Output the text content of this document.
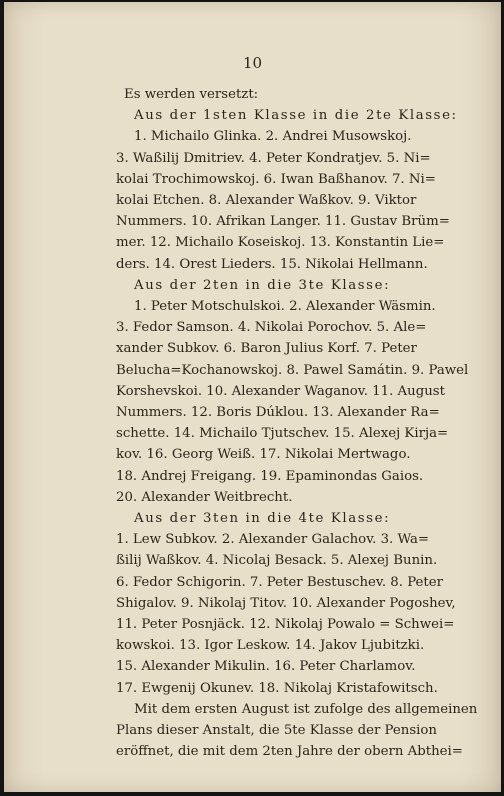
10
Es werden versetzt:
Aus der 1sten Klasse in die 2te Klasse:
1. Michailo Glinka. 2. Andrei Musowskoj.
3. Waßilij Dmitriev. 4. Peter Kondratjev. 5. Ni=
kolai Trochimowskoj. 6. Iwan Baßhanov. 7. Ni=
kolai Etchen. 8. Alexander Waßkov. 9. Viktor
Nummers. 10. Afrikan Langer. 11. Gustav Brüm=
mer. 12. Michailo Koseiskoj. 13. Konstantin Lie=
ders. 14. Orest Lieders. 15. Nikolai Hellmann.
Aus der 2ten in die 3te Klasse:
1. Peter Motschulskoi. 2. Alexander Wäsmin.
3. Fedor Samson. 4. Nikolai Porochov. 5. Ale=
xander Subkov. 6. Baron Julius Korf. 7. Peter
Belucha=Kochanowskoj. 8. Pawel Samátin. 9. Pawel
Korshevskoi. 10. Alexander Waganov. 11. August
Nummers. 12. Boris Dúklou. 13. Alexander Ra=
schette. 14. Michailo Tjutschev. 15. Alexej Kirja=
kov. 16. Georg Weiß. 17. Nikolai Mertwago.
18. Andrej Freigang. 19. Epaminondas Gaios.
20. Alexander Weitbrecht.
Aus der 3ten in die 4te Klasse:
1. Lew Subkov. 2. Alexander Galachov. 3. Wa=
ßilij Waßkov. 4. Nicolaj Besack. 5. Alexej Bunin.
6. Fedor Schigorin. 7. Peter Bestuschev. 8. Peter
Shigalov. 9. Nikolaj Titov. 10. Alexander Pogoshev,
11. Peter Posnjäck. 12. Nikolaj Powalo = Schwei=
kowskoi. 13. Igor Leskow. 14. Jakov Ljubitzki.
15. Alexander Mikulin. 16. Peter Charlamov.
17. Ewgenij Okunev. 18. Nikolaj Kristafowitsch.
Mit dem ersten August ist zufolge des allgemeinen
Plans dieser Anstalt, die 5te Klasse der Pension
eröffnet, die mit dem 2ten Jahre der obern Abthei=
